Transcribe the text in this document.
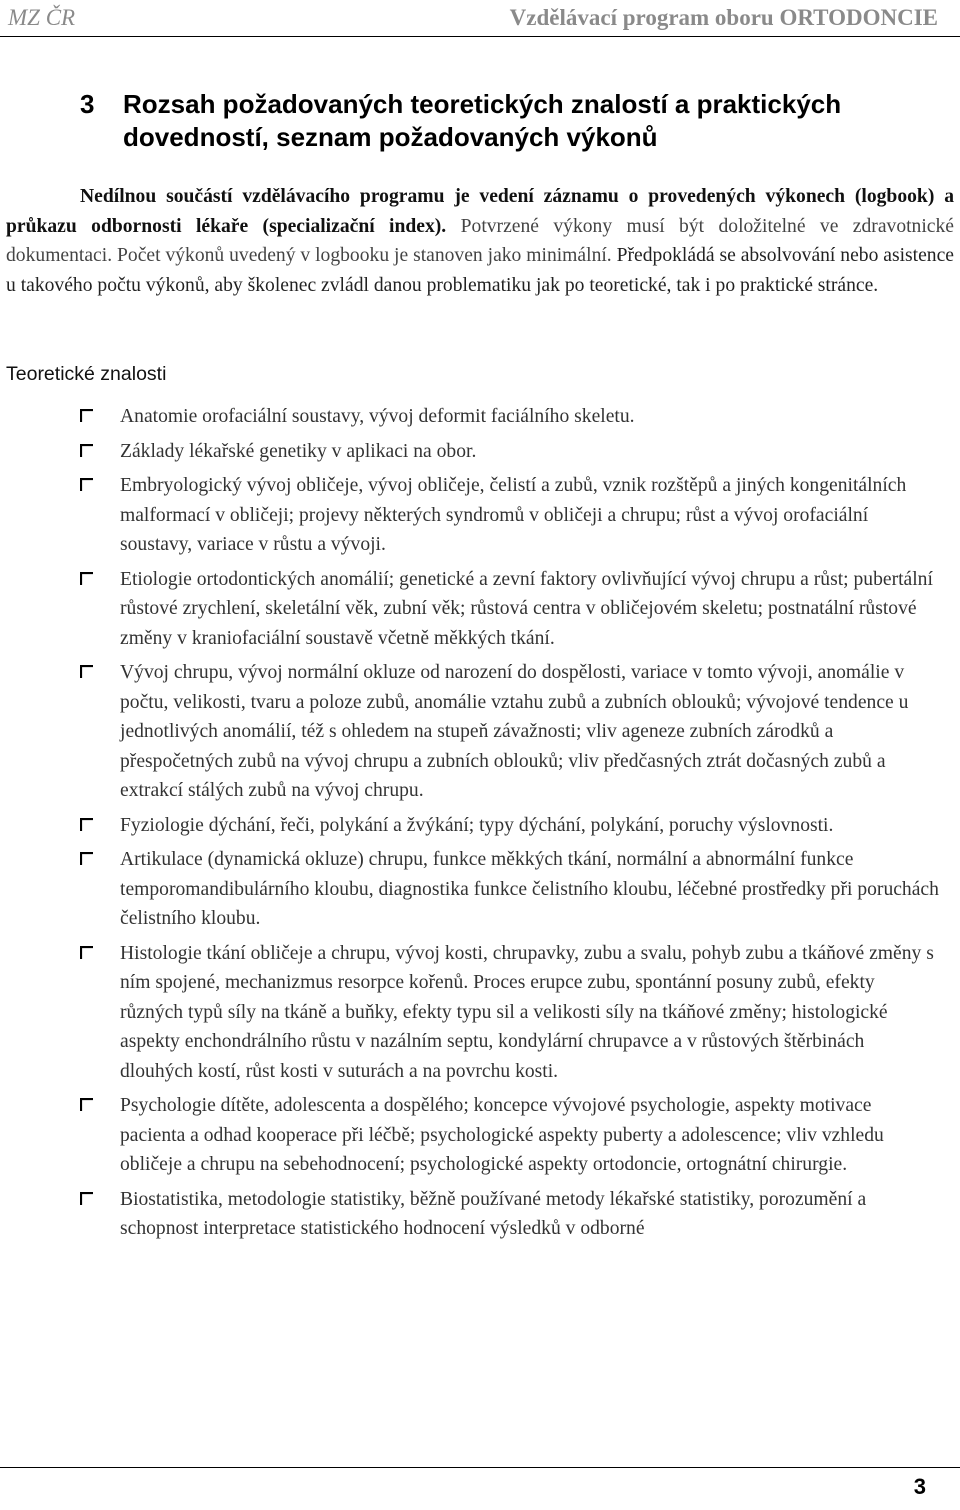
MZ ČR	Vzdělávací program oboru ORTODONCIE
3 Rozsah požadovaných teoretických znalostí a praktických dovedností, seznam požadovaných výkonů
Nedílnou součástí vzdělávacího programu je vedení záznamu o provedených výkonech (logbook) a průkazu odbornosti lékaře (specializační index). Potvrzené výkony musí být doložitelné ve zdravotnické dokumentaci. Počet výkonů uvedený v logbooku je stanoven jako minimální. Předpokládá se absolvování nebo asistence u takového počtu výkonů, aby školenec zvládl danou problematiku jak po teoretické, tak i po praktické stránce.
Teoretické znalosti
Anatomie orofaciální soustavy, vývoj deformit faciálního skeletu.
Základy lékařské genetiky v aplikaci na obor.
Embryologický vývoj obličeje, vývoj obličeje, čelistí a zubů, vznik rozštěpů a jiných kongenitálních malformací v obličeji; projevy některých syndromů v obličeji a chrupu; růst a vývoj orofaciální soustavy, variace v růstu a vývoji.
Etiologie ortodontických anomálií; genetické a zevní faktory ovlivňující vývoj chrupu a růst; pubertální růstové zrychlení, skeletální věk, zubní věk; růstová centra v obličejovém skeletu; postnatální růstové změny v kraniofaciální soustavě včetně měkkých tkání.
Vývoj chrupu, vývoj normální okluze od narození do dospělosti, variace v tomto vývoji, anomálie v počtu, velikosti, tvaru a poloze zubů, anomálie vztahu zubů a zubních oblouků; vývojové tendence u jednotlivých anomálií, též s ohledem na stupeň závažnosti; vliv ageneze zubních zárodků a přespočetných zubů na vývoj chrupu a zubních oblouků; vliv předčasných ztrát dočasných zubů a extrakcí stálých zubů na vývoj chrupu.
Fyziologie dýchání, řeči, polykání a žvýkání; typy dýchání, polykání, poruchy výslovnosti.
Artikulace (dynamická okluze) chrupu, funkce měkkých tkání, normální a abnormální funkce temporomandibulárního kloubu, diagnostika funkce čelistního kloubu, léčebné prostředky při poruchách čelistního kloubu.
Histologie tkání obličeje a chrupu, vývoj kosti, chrupavky, zubu a svalu, pohyb zubu a tkáňové změny s ním spojené, mechanizmus resorpce kořenů. Proces erupce zubu, spontánní posuny zubů, efekty různých typů síly na tkáně a buňky, efekty typu sil a velikosti síly na tkáňové změny; histologické aspekty enchondrálního růstu v nazálním septu, kondylární chrupavce a v růstových štěrbinách dlouhých kostí, růst kosti v suturách a na povrchu kosti.
Psychologie dítěte, adolescenta a dospělého; koncepce vývojové psychologie, aspekty motivace pacienta a odhad kooperace při léčbě; psychologické aspekty puberty a adolescence; vliv vzhledu obličeje a chrupu na sebehodnocení; psychologické aspekty ortodoncie, ortognátní chirurgie.
Biostatistika, metodologie statistiky, běžně používané metody lékařské statistiky, porozumění a schopnost interpretace statistického hodnocení výsledků v odborné
3
